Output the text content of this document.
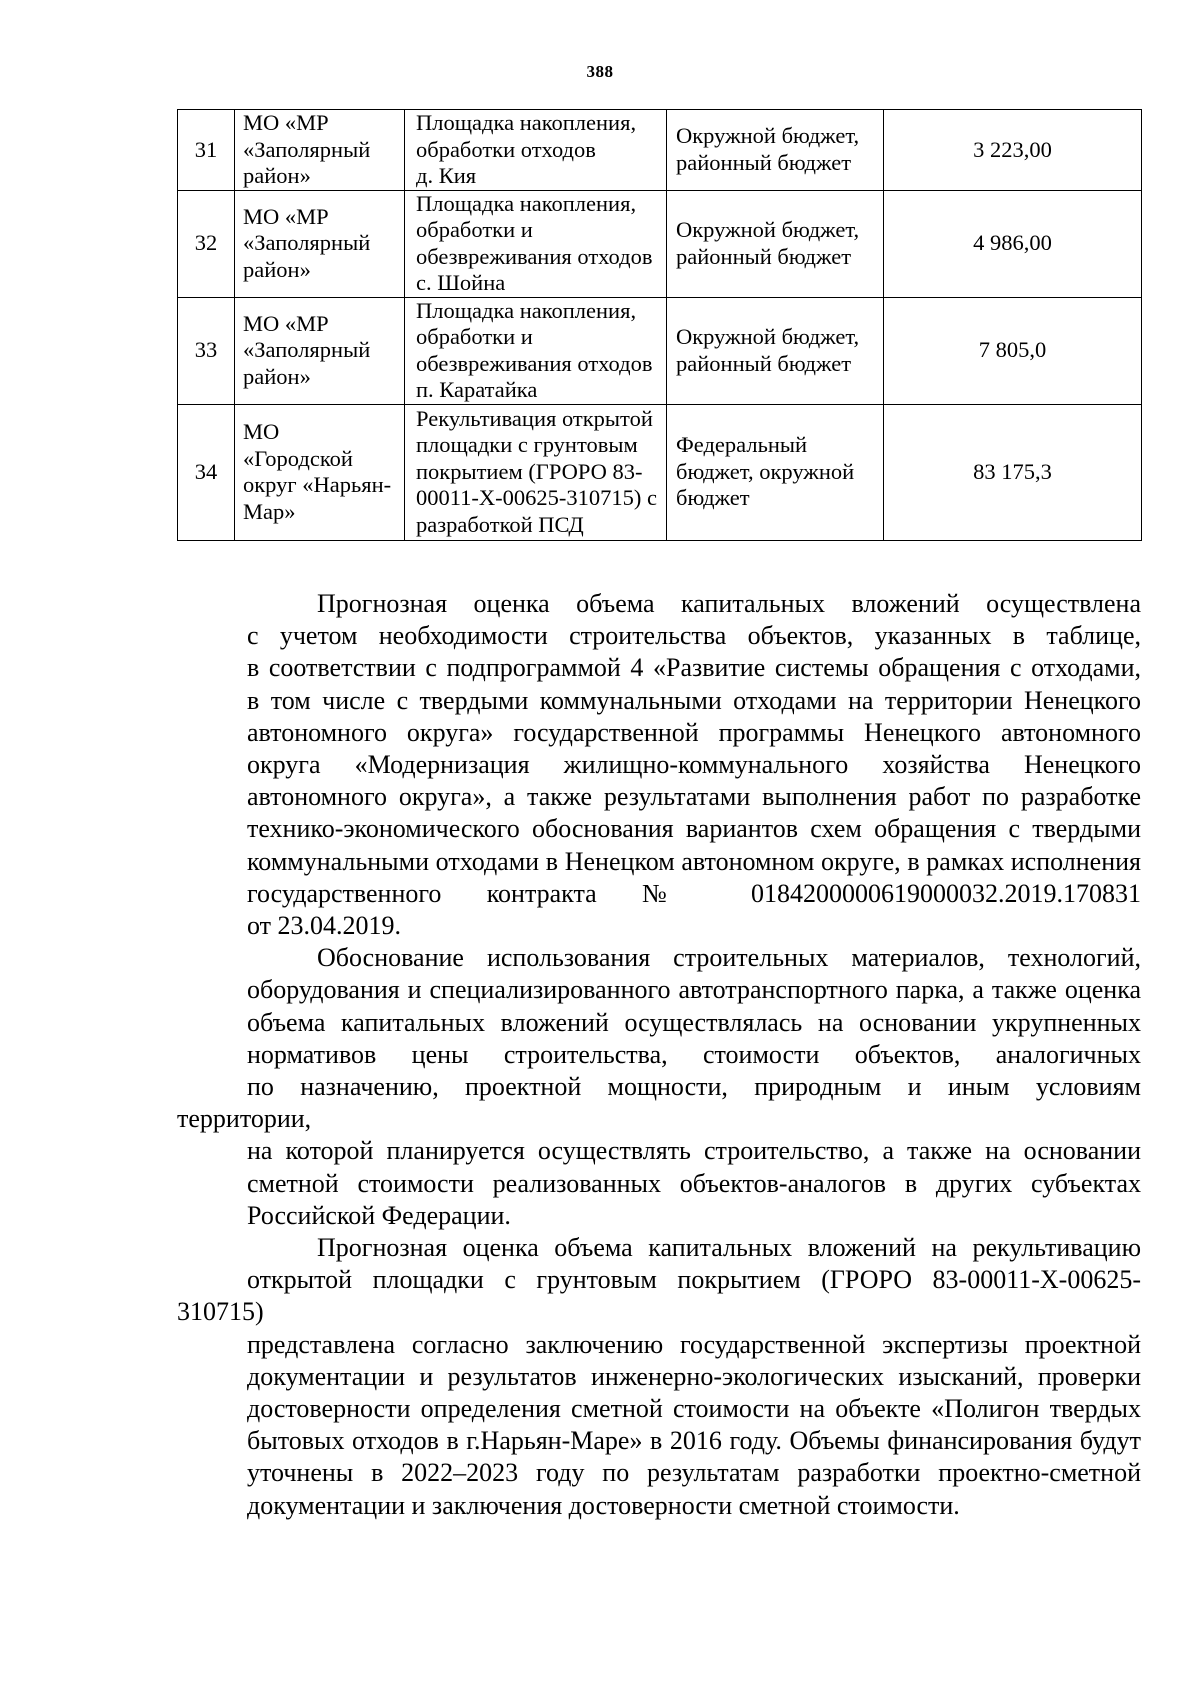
388
31	МО «МР
«Заполярный
район»	Площадка накопления,
обработки отходов
д. Кия	Окружной бюджет,
районный бюджет	3 223,00
32	МО «МР
«Заполярный
район»	Площадка накопления,
обработки и
обезвреживания отходов
с. Шойна	Окружной бюджет,
районный бюджет	4 986,00
33	МО «МР
«Заполярный
район»	Площадка накопления,
обработки и
обезвреживания отходов
п. Каратайка	Окружной бюджет,
районный бюджет	7 805,0
34	МО
«Городской
округ «Нарьян-
Мар»	Рекультивация открытой
площадки с грунтовым
покрытием (ГРОРО 83-
00011-Х-00625-310715) с
разработкой ПСД	Федеральный
бюджет, окружной
бюджет	83 175,3
Прогнозная оценка объема капитальных вложений осуществлена
с учетом необходимости строительства объектов, указанных в таблице,
в соответствии с подпрограммой 4 «Развитие системы обращения с отходами,
в том числе с твердыми коммунальными отходами на территории Ненецкого
автономного округа» государственной программы Ненецкого автономного
округа «Модернизация жилищно-коммунального хозяйства Ненецкого
автономного округа», а также результатами выполнения работ по разработке
технико-экономического обоснования вариантов схем обращения с твердыми
коммунальными отходами в Ненецком автономном округе, в рамках исполнения
государственного контракта № 0184200000619000032.2019.170831
от 23.04.2019.
Обоснование использования строительных материалов, технологий,
оборудования и специализированного автотранспортного парка, а также оценка
объема капитальных вложений осуществлялась на основании укрупненных
нормативов цены строительства, стоимости объектов, аналогичных
по назначению, проектной мощности, природным и иным условиям территории,
на которой планируется осуществлять строительство, а также на основании
сметной стоимости реализованных объектов-аналогов в других субъектах
Российской Федерации.
Прогнозная оценка объема капитальных вложений на рекультивацию
открытой площадки с грунтовым покрытием (ГРОРО 83-00011-Х-00625-310715)
представлена согласно заключению государственной экспертизы проектной
документации и результатов инженерно-экологических изысканий, проверки
достоверности определения сметной стоимости на объекте «Полигон твердых
бытовых отходов в г.Нарьян-Маре» в 2016 году. Объемы финансирования будут
уточнены в 2022–2023 году по результатам разработки проектно-сметной
документации и заключения достоверности сметной стоимости.
